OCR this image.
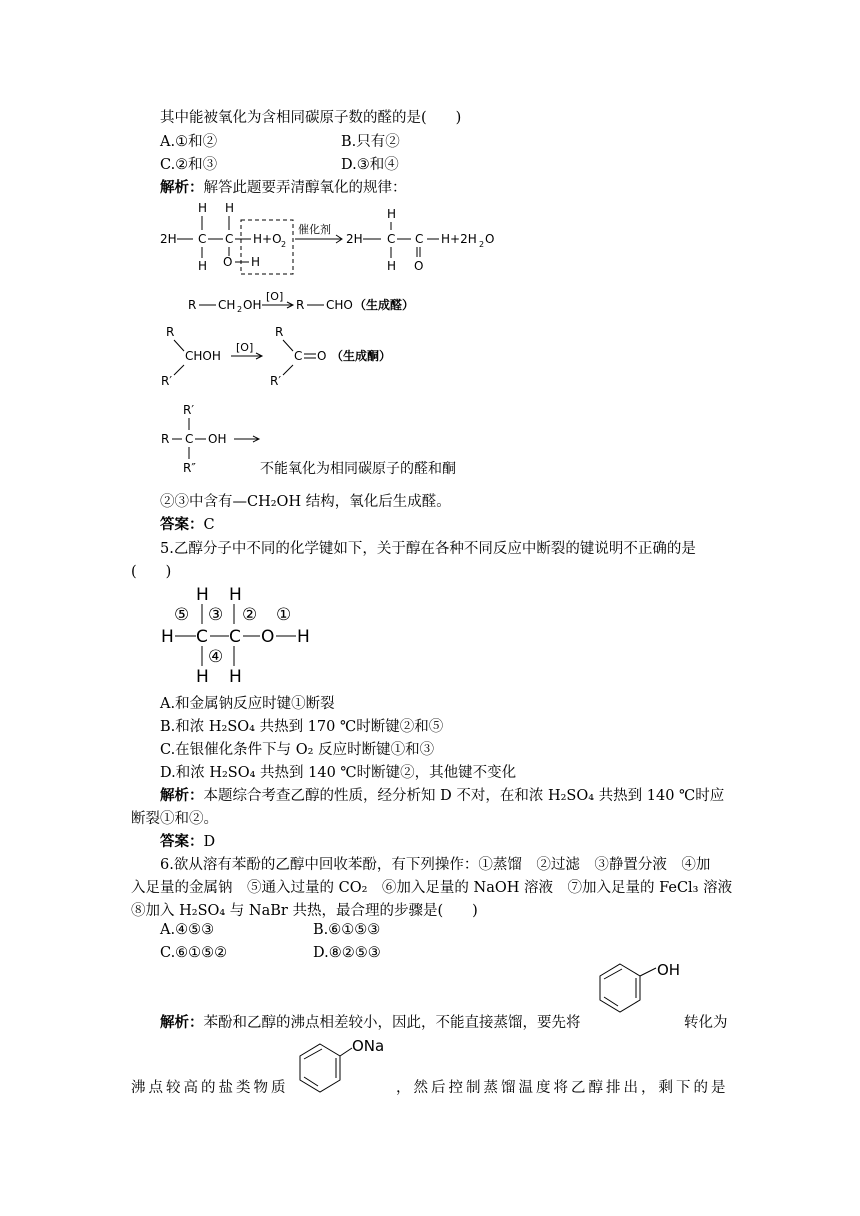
其中能被氧化为含相同碳原子数的醛的是(　　)
A.①和②	B.只有②
C.②和③	D.③和④
解析：解答此题要弄清醇氧化的规律：
2H C
H
H
C
H
O H
H+O 2
催化剂
2H C
H
H
C
O
H+2H 2 O
R CH 2 OH
[O]
R CHO （生成醛）
R
CHOH
R′
[O]
R
C O
R′
（生成酮）
R′
R C OH
R″	不能氧化为相同碳原子的醛和酮
②③中含有—CH₂OH 结构，氧化后生成醛。
答案：C
5.乙醇分子中不同的化学键如下，关于醇在各种不同反应中断裂的键说明不正确的是
(　　)
H H
⑤ ③ ② ①
H C C O H
④
H H
A.和金属钠反应时键①断裂
B.和浓 H₂SO₄ 共热到 170 ℃时断键②和⑤
C.在银催化条件下与 O₂ 反应时断键①和③
D.和浓 H₂SO₄ 共热到 140 ℃时断键②，其他键不变化
解析：本题综合考查乙醇的性质，经分析知 D 不对，在和浓 H₂SO₄ 共热到 140 ℃时应
断裂①和②。
答案：D
6.欲从溶有苯酚的乙醇中回收苯酚，有下列操作：①蒸馏　②过滤　③静置分液　④加
入足量的金属钠　⑤通入过量的 CO₂　⑥加入足量的 NaOH 溶液　⑦加入足量的 FeCl₃ 溶液
⑧加入 H₂SO₄ 与 NaBr 共热，最合理的步骤是(　　)
A.④⑤③	B.⑥①⑤③
C.⑥①⑤②	D.⑧②⑤③
OH
解析：苯酚和乙醇的沸点相差较小，因此，不能直接蒸馏，要先将	转化为
ONa
沸点较高的盐类物质	，然后控制蒸馏温度将乙醇排出，剩下的是
